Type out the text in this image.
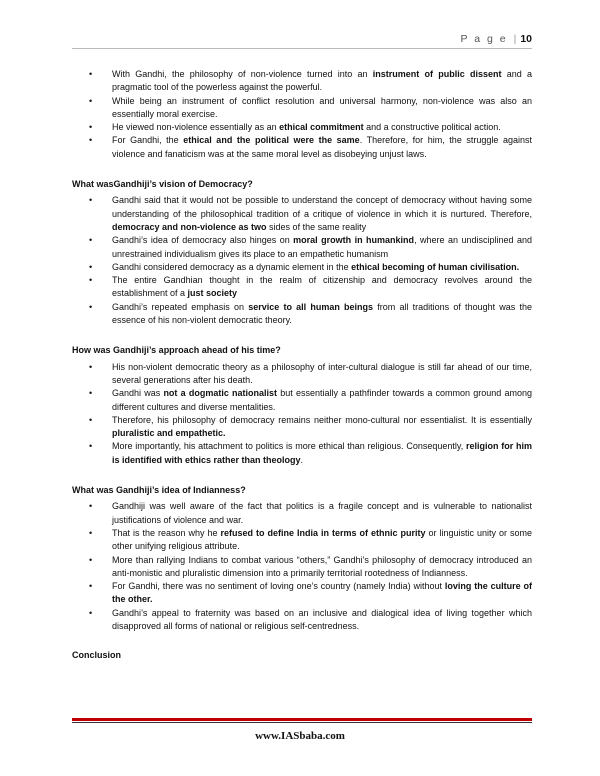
P a g e | 10
• With Gandhi, the philosophy of non-violence turned into an instrument of public dissent and a pragmatic tool of the powerless against the powerful.
• While being an instrument of conflict resolution and universal harmony, non-violence was also an essentially moral exercise.
• He viewed non-violence essentially as an ethical commitment and a constructive political action.
• For Gandhi, the ethical and the political were the same. Therefore, for him, the struggle against violence and fanaticism was at the same moral level as disobeying unjust laws.

What wasGandhiji’s vision of Democracy?

• Gandhi said that it would not be possible to understand the concept of democracy without having some understanding of the philosophical tradition of a critique of violence in which it is nurtured. Therefore, democracy and non-violence as two sides of the same reality
• Gandhi’s idea of democracy also hinges on moral growth in humankind, where an undisciplined and unrestrained individualism gives its place to an empathetic humanism
• Gandhi considered democracy as a dynamic element in the ethical becoming of human civilisation.
• The entire Gandhian thought in the realm of citizenship and democracy revolves around the establishment of a just society
• Gandhi’s repeated emphasis on service to all human beings from all traditions of thought was the essence of his non-violent democratic theory.

How was Gandhiji’s approach ahead of his time?

• His non-violent democratic theory as a philosophy of inter-cultural dialogue is still far ahead of our time, several generations after his death.
• Gandhi was not a dogmatic nationalist but essentially a pathfinder towards a common ground among different cultures and diverse mentalities.
• Therefore, his philosophy of democracy remains neither mono-cultural nor essentialist. It is essentially pluralistic and empathetic.
• More importantly, his attachment to politics is more ethical than religious. Consequently, religion for him is identified with ethics rather than theology.

What was Gandhiji’s idea of Indianness?

• Gandhiji was well aware of the fact that politics is a fragile concept and is vulnerable to nationalist justifications of violence and war.
• That is the reason why he refused to define India in terms of ethnic purity or linguistic unity or some other unifying religious attribute.
• More than rallying Indians to combat various “others,” Gandhi’s philosophy of democracy introduced an anti-monistic and pluralistic dimension into a primarily territorial rootedness of Indianness.
• For Gandhi, there was no sentiment of loving one’s country (namely India) without loving the culture of the other.
• Gandhi’s appeal to fraternity was based on an inclusive and dialogical idea of living together which disapproved all forms of national or religious self-centredness.

Conclusion

www.IASbaba.com
